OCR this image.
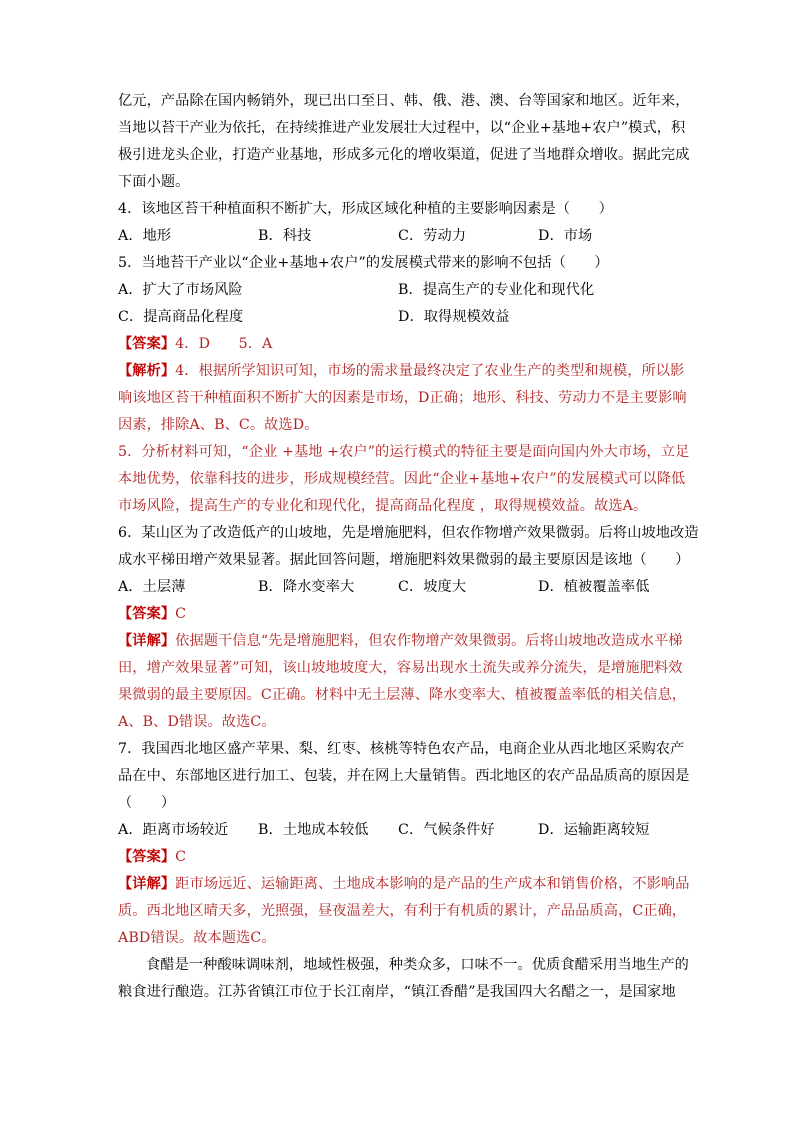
亿元，产品除在国内畅销外，现已出口至日、韩、俄、港、澳、台等国家和地区。近年来，
当地以苔干产业为依托，在持续推进产业发展壮大过程中，以“企业+基地+农户”模式，积
极引进龙头企业，打造产业基地，形成多元化的增收渠道，促进了当地群众增收。据此完成
下面小题。
4．该地区苔干种植面积不断扩大，形成区域化种植的主要影响因素是（　　）
A．地形	B．科技	C．劳动力	D．市场
5．当地苔干产业以“企业+基地+农户”的发展模式带来的影响不包括（　　）
A．扩大了市场风险	B．提高生产的专业化和现代化
C．提高商品化程度	D．取得规模效益
【答案】4．D　　5．A
【解析】4．根据所学知识可知，市场的需求量最终决定了农业生产的类型和规模，所以影
响该地区苔干种植面积不断扩大的因素是市场，D正确；地形、科技、劳动力不是主要影响
因素，排除A、B、C。故选D。
5．分析材料可知，“企业 +基地 +农户”的运行模式的特征主要是面向国内外大市场，立足
本地优势，依靠科技的进步，形成规模经营。因此“企业+基地+农户”的发展模式可以降低
市场风险，提高生产的专业化和现代化，提高商品化程度 ，取得规模效益。故选A。
6．某山区为了改造低产的山坡地，先是增施肥料，但农作物增产效果微弱。后将山坡地改造
成水平梯田增产效果显著。据此回答问题，增施肥料效果微弱的最主要原因是该地（　　）
A．土层薄	B．降水变率大	C．坡度大	D．植被覆盖率低
【答案】C
【详解】依据题干信息“先是增施肥料，但农作物增产效果微弱。后将山坡地改造成水平梯
田，增产效果显著”可知，该山坡地坡度大，容易出现水土流失或养分流失，是增施肥料效
果微弱的最主要原因。C正确。材料中无土层薄、降水变率大、植被覆盖率低的相关信息，
A、B、D错误。故选C。
7．我国西北地区盛产苹果、梨、红枣、核桃等特色农产品，电商企业从西北地区采购农产
品在中、东部地区进行加工、包装，并在网上大量销售。西北地区的农产品品质高的原因是
（　　）
A．距离市场较近	B．土地成本较低	C．气候条件好	D．运输距离较短
【答案】C
【详解】距市场远近、运输距离、土地成本影响的是产品的生产成本和销售价格，不影响品
质。西北地区晴天多，光照强，昼夜温差大，有利于有机质的累计，产品品质高，C正确，
ABD错误。故本题选C。
食醋是一种酸味调味剂，地域性极强，种类众多，口味不一。优质食醋采用当地生产的
粮食进行酿造。江苏省镇江市位于长江南岸，“镇江香醋”是我国四大名醋之一，是国家地
